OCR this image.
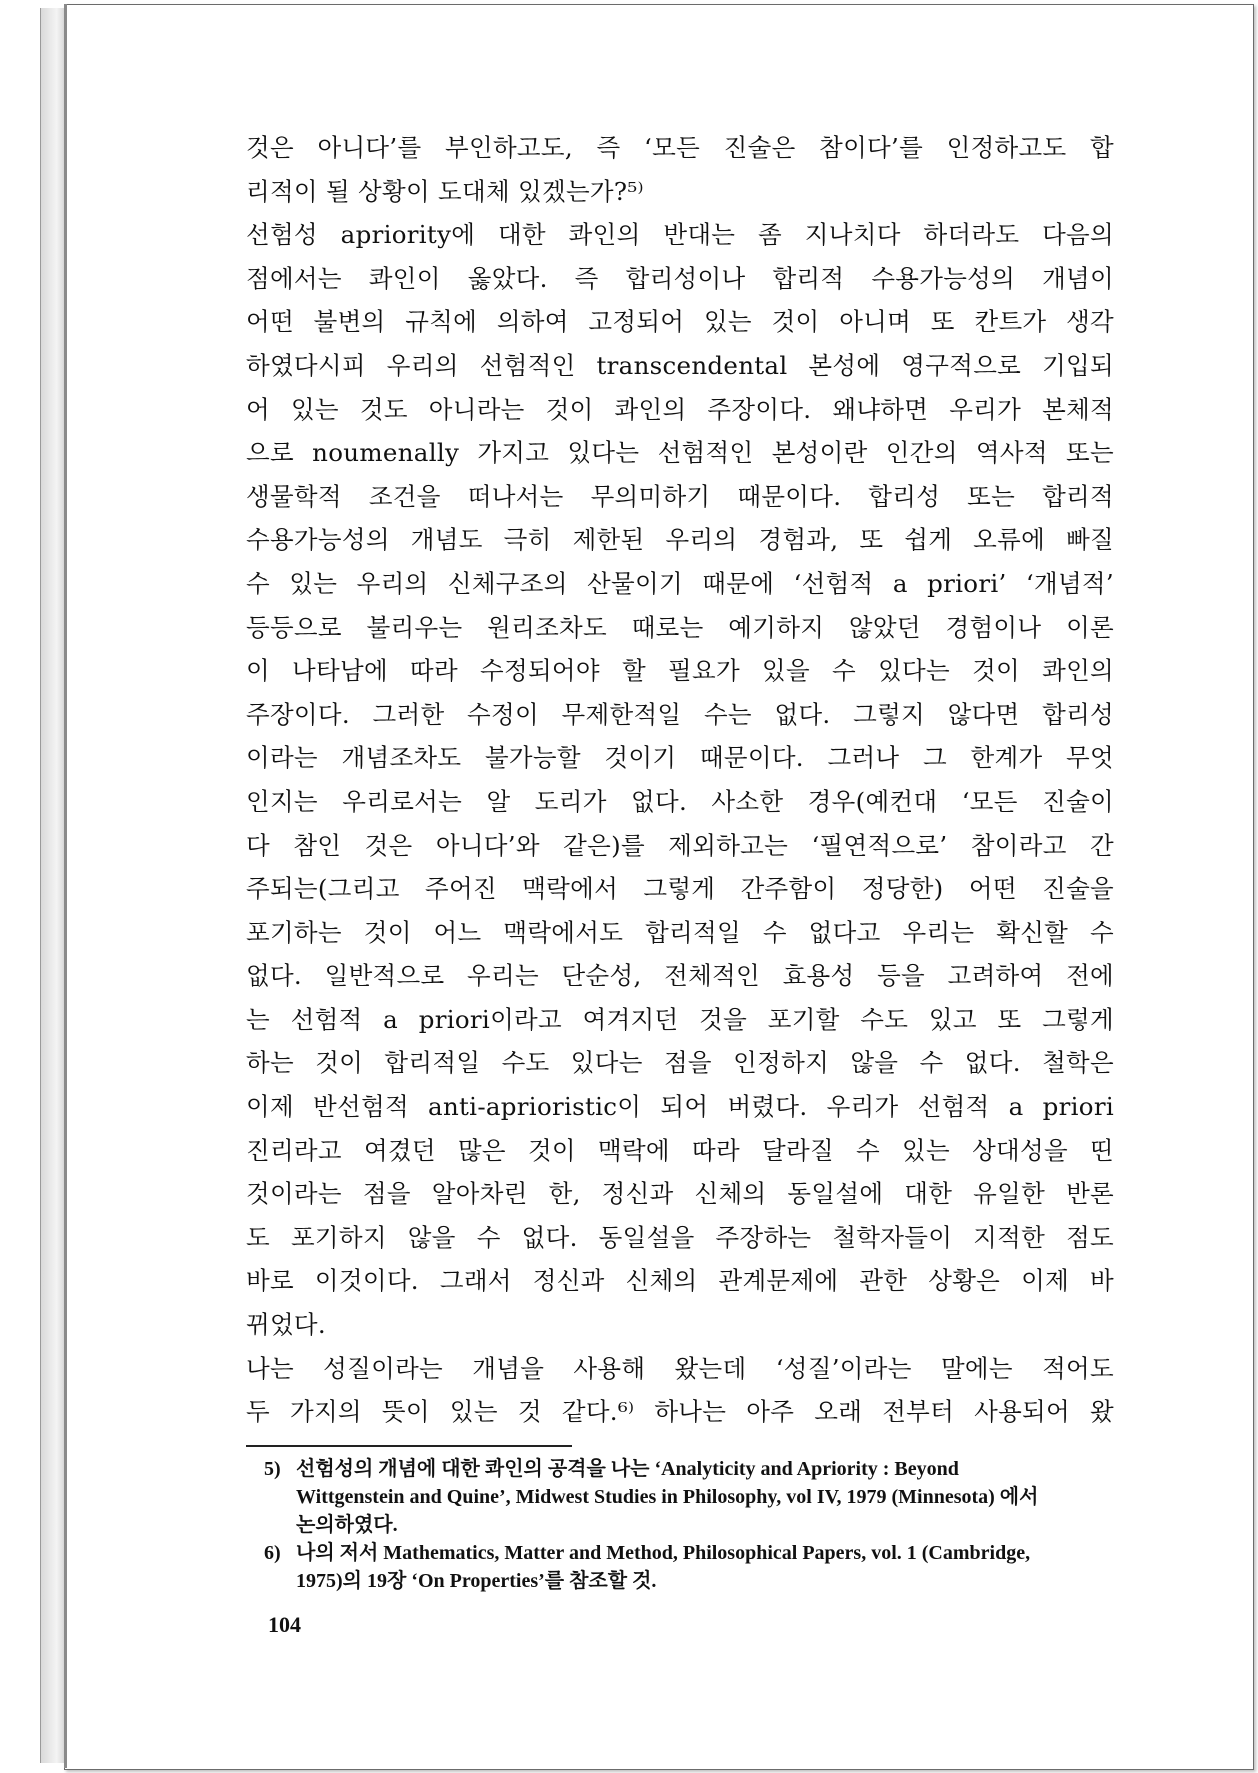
것은 아니다’를 부인하고도, 즉 ‘모든 진술은 참이다’를 인정하고도 합
리적이 될 상황이 도대체 있겠는가?⁵⁾
선험성 apriority에 대한 콰인의 반대는 좀 지나치다 하더라도 다음의
점에서는 콰인이 옳았다. 즉 합리성이나 합리적 수용가능성의 개념이
어떤 불변의 규칙에 의하여 고정되어 있는 것이 아니며 또 칸트가 생각
하였다시피 우리의 선험적인 transcendental 본성에 영구적으로 기입되
어 있는 것도 아니라는 것이 콰인의 주장이다. 왜냐하면 우리가 본체적
으로 noumenally 가지고 있다는 선험적인 본성이란 인간의 역사적 또는
생물학적 조건을 떠나서는 무의미하기 때문이다. 합리성 또는 합리적
수용가능성의 개념도 극히 제한된 우리의 경험과, 또 쉽게 오류에 빠질
수 있는 우리의 신체구조의 산물이기 때문에 ‘선험적 a priori’ ‘개념적’
등등으로 불리우는 원리조차도 때로는 예기하지 않았던 경험이나 이론
이 나타남에 따라 수정되어야 할 필요가 있을 수 있다는 것이 콰인의
주장이다. 그러한 수정이 무제한적일 수는 없다. 그렇지 않다면 합리성
이라는 개념조차도 불가능할 것이기 때문이다. 그러나 그 한계가 무엇
인지는 우리로서는 알 도리가 없다. 사소한 경우(예컨대 ‘모든 진술이
다 참인 것은 아니다’와 같은)를 제외하고는 ‘필연적으로’ 참이라고 간
주되는(그리고 주어진 맥락에서 그렇게 간주함이 정당한) 어떤 진술을
포기하는 것이 어느 맥락에서도 합리적일 수 없다고 우리는 확신할 수
없다. 일반적으로 우리는 단순성, 전체적인 효용성 등을 고려하여 전에
는 선험적 a priori이라고 여겨지던 것을 포기할 수도 있고 또 그렇게
하는 것이 합리적일 수도 있다는 점을 인정하지 않을 수 없다. 철학은
이제 반선험적 anti-aprioristic이 되어 버렸다. 우리가 선험적 a priori
진리라고 여겼던 많은 것이 맥락에 따라 달라질 수 있는 상대성을 띤
것이라는 점을 알아차린 한, 정신과 신체의 동일설에 대한 유일한 반론
도 포기하지 않을 수 없다. 동일설을 주장하는 철학자들이 지적한 점도
바로 이것이다. 그래서 정신과 신체의 관계문제에 관한 상황은 이제 바
뀌었다.
나는 성질이라는 개념을 사용해 왔는데 ‘성질’이라는 말에는 적어도
두 가지의 뜻이 있는 것 같다.⁶⁾ 하나는 아주 오래 전부터 사용되어 왔
5) 선험성의 개념에 대한 콰인의 공격을 나는 ‘Analyticity and Apriority : Beyond
Wittgenstein and Quine’, Midwest Studies in Philosophy, vol IV, 1979 (Minnesota) 에서
논의하였다.
6) 나의 저서 Mathematics, Matter and Method, Philosophical Papers, vol. 1 (Cambridge,
1975)의 19장 ‘On Properties’를 참조할 것.
104
